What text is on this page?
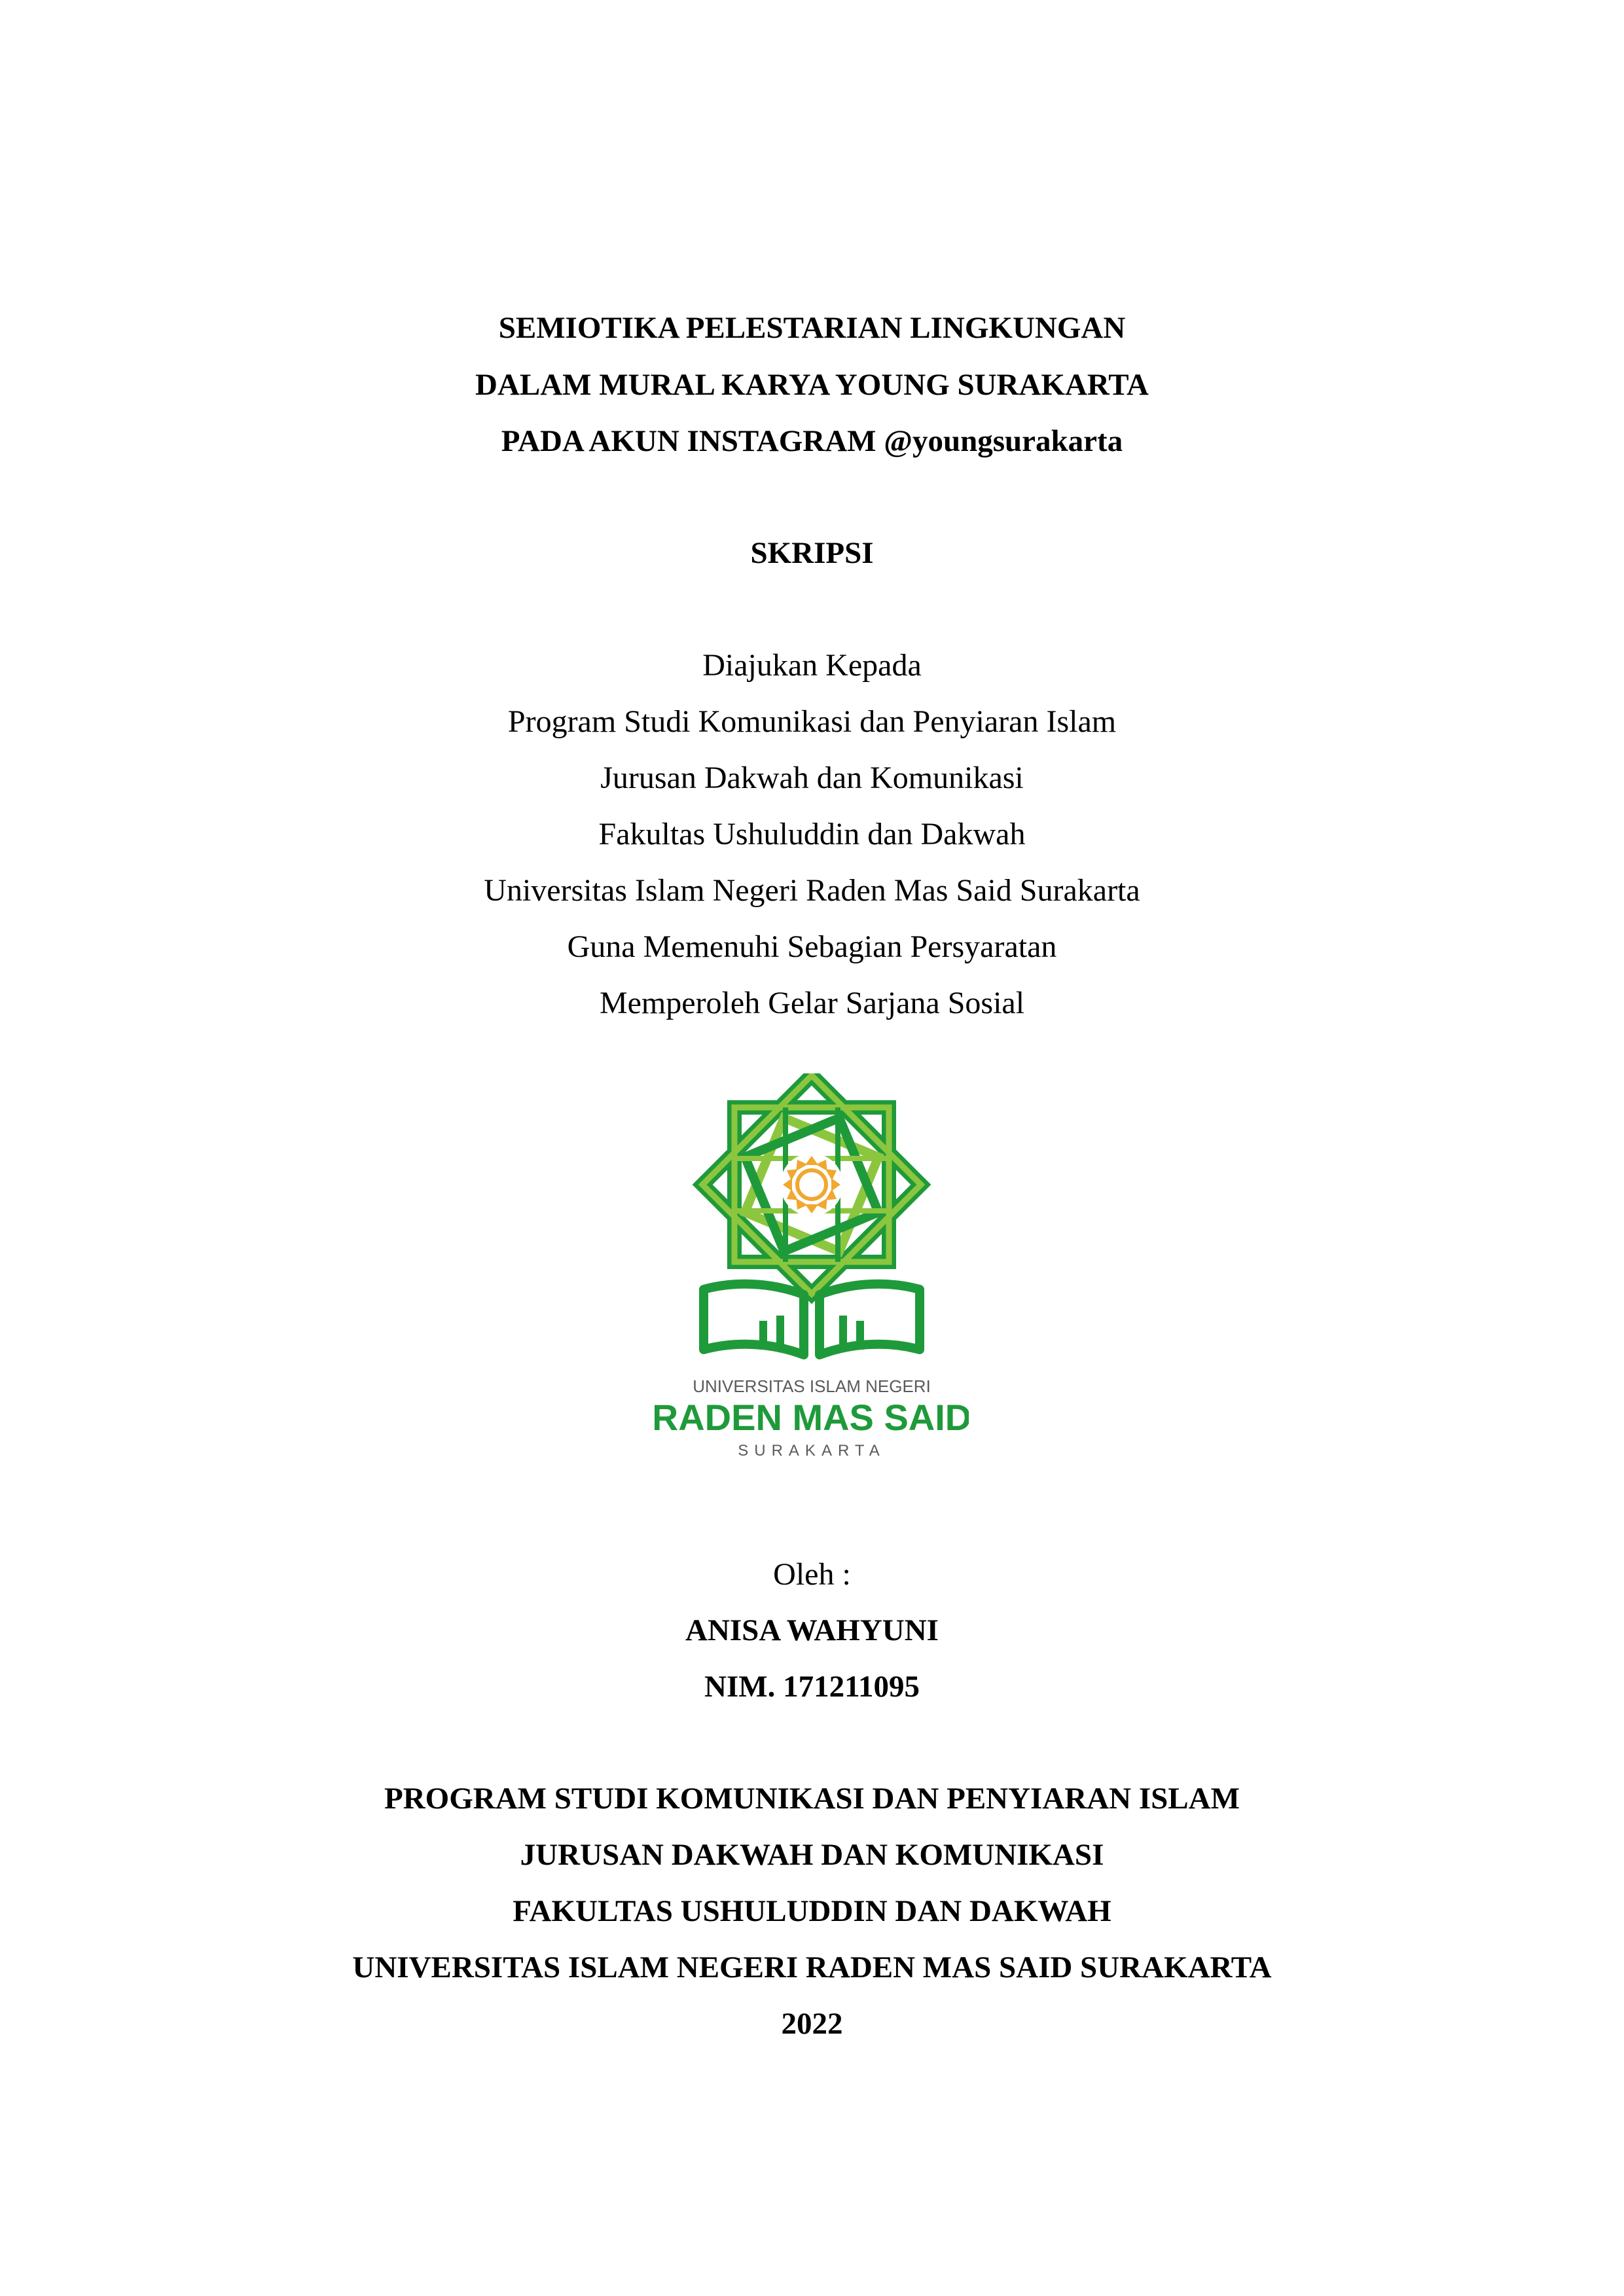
SEMIOTIKA PELESTARIAN LINGKUNGAN
DALAM MURAL KARYA YOUNG SURAKARTA
PADA AKUN INSTAGRAM @youngsurakarta
SKRIPSI
Diajukan Kepada
Program Studi Komunikasi dan Penyiaran Islam
Jurusan Dakwah dan Komunikasi
Fakultas Ushuluddin dan Dakwah
Universitas Islam Negeri Raden Mas Said Surakarta
Guna Memenuhi Sebagian Persyaratan
Memperoleh Gelar Sarjana Sosial
UNIVERSITAS ISLAM NEGERI
RADEN MAS SAID
SURAKARTA
Oleh :
ANISA WAHYUNI
NIM. 171211095
PROGRAM STUDI KOMUNIKASI DAN PENYIARAN ISLAM
JURUSAN DAKWAH DAN KOMUNIKASI
FAKULTAS USHULUDDIN DAN DAKWAH
UNIVERSITAS ISLAM NEGERI RADEN MAS SAID SURAKARTA
2022
